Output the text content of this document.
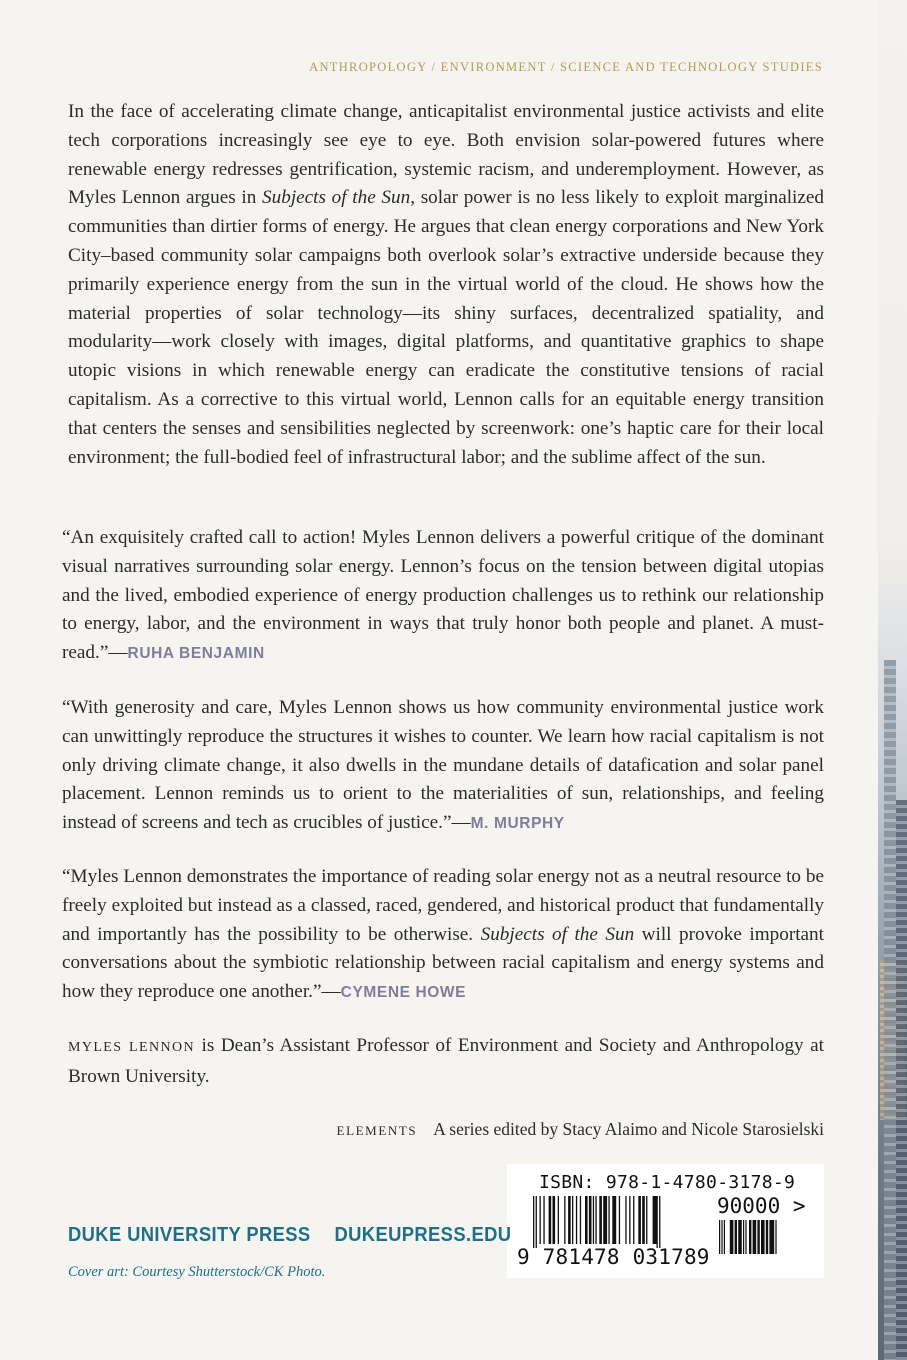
ANTHROPOLOGY / ENVIRONMENT / SCIENCE AND TECHNOLOGY STUDIES

In the face of accelerating climate change, anticapitalist environmental justice activists and elite tech corporations increasingly see eye to eye. Both envision solar-powered futures where renewable energy redresses gentrification, systemic racism, and underemployment. However, as Myles Lennon argues in Subjects of the Sun, solar power is no less likely to exploit marginalized communities than dirtier forms of energy. He argues that clean energy corporations and New York City–based community solar campaigns both overlook solar’s extractive underside because they primarily experience energy from the sun in the virtual world of the cloud. He shows how the material properties of solar technology—its shiny surfaces, decentralized spatiality, and modularity—work closely with images, digital platforms, and quantitative graphics to shape utopic visions in which renewable energy can eradicate the constitutive tensions of racial capitalism. As a corrective to this virtual world, Lennon calls for an equitable energy transition that centers the senses and sensibilities neglected by screenwork: one’s haptic care for their local environment; the full-bodied feel of infrastructural labor; and the sublime affect of the sun.

“An exquisitely crafted call to action! Myles Lennon delivers a powerful critique of the dominant visual narratives surrounding solar energy. Lennon’s focus on the tension between digital utopias and the lived, embodied experience of energy production challenges us to rethink our relationship to energy, labor, and the environment in ways that truly honor both people and planet. A must-read.”—RUHA BENJAMIN

“With generosity and care, Myles Lennon shows us how community environmental justice work can unwittingly reproduce the structures it wishes to counter. We learn how racial capitalism is not only driving climate change, it also dwells in the mundane details of datafication and solar panel placement. Lennon reminds us to orient to the materialities of sun, relationships, and feeling instead of screens and tech as crucibles of justice.”—M. MURPHY

“Myles Lennon demonstrates the importance of reading solar energy not as a neutral resource to be freely exploited but instead as a classed, raced, gendered, and historical product that fundamentally and importantly has the possibility to be otherwise. Subjects of the Sun will provoke important conversations about the symbiotic relationship between racial capitalism and energy systems and how they reproduce one another.”—CYMENE HOWE

MYLES LENNON is Dean’s Assistant Professor of Environment and Society and Anthropology at Brown University.

ELEMENTS A series edited by Stacy Alaimo and Nicole Starosielski
ISBN: 978-1-4780-3178-9
90000 >
9 781478 031789
DUKE UNIVERSITY PRESS DUKEUPRESS.EDU
Cover art: Courtesy Shutterstock/CK Photo.
